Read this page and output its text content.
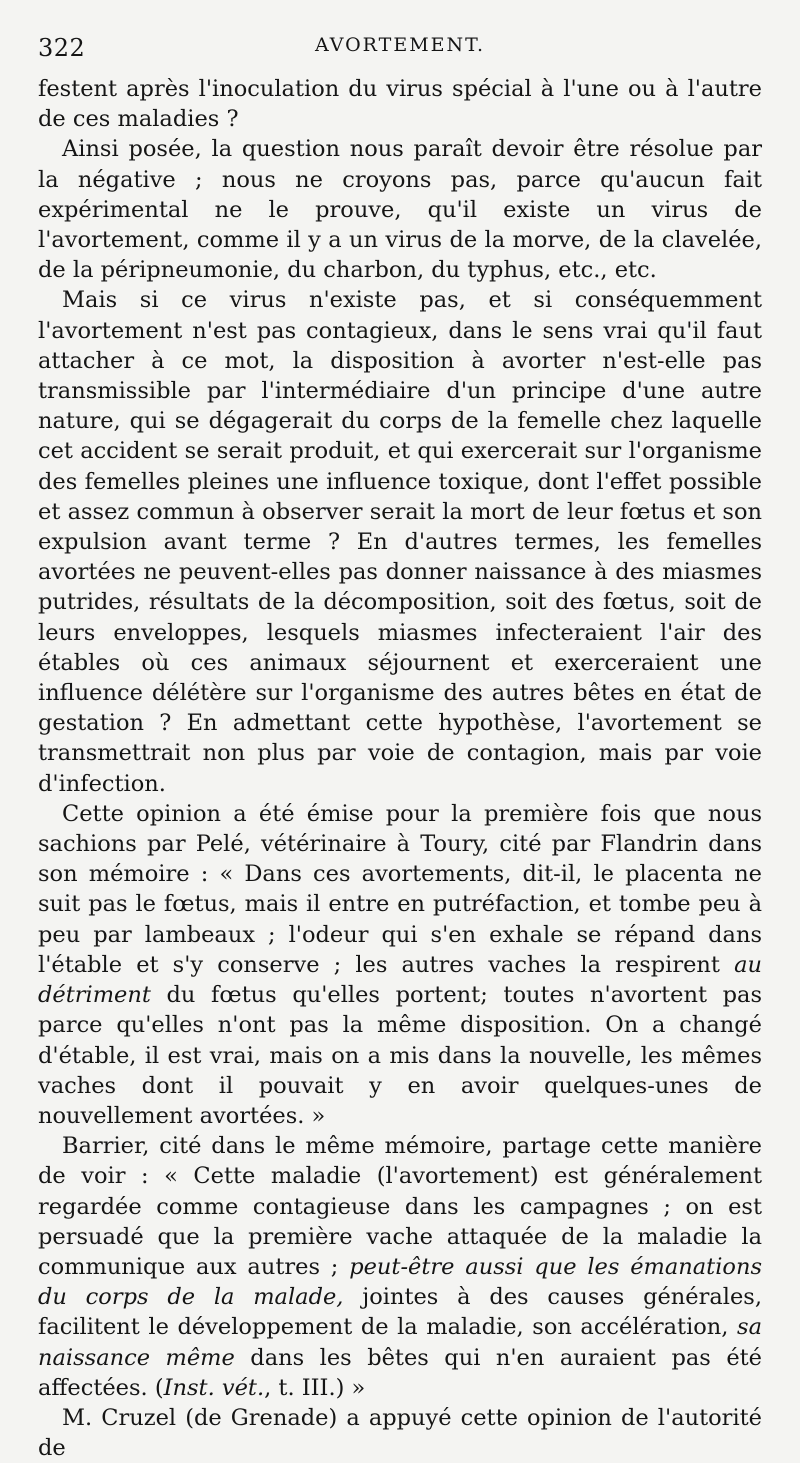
322	AVORTEMENT.

festent après l'inoculation du virus spécial à l'une ou à l'autre de ces maladies ?

Ainsi posée, la question nous paraît devoir être résolue par la négative ; nous ne croyons pas, parce qu'aucun fait expérimental ne le prouve, qu'il existe un virus de l'avortement, comme il y a un virus de la morve, de la clavelée, de la péripneumonie, du charbon, du typhus, etc., etc.

Mais si ce virus n'existe pas, et si conséquemment l'avortement n'est pas contagieux, dans le sens vrai qu'il faut attacher à ce mot, la disposition à avorter n'est-elle pas transmissible par l'intermédiaire d'un principe d'une autre nature, qui se dégagerait du corps de la femelle chez laquelle cet accident se serait produit, et qui exercerait sur l'organisme des femelles pleines une influence toxique, dont l'effet possible et assez commun à observer serait la mort de leur fœtus et son expulsion avant terme ? En d'autres termes, les femelles avortées ne peuvent-elles pas donner naissance à des miasmes putrides, résultats de la décomposition, soit des fœtus, soit de leurs enveloppes, lesquels miasmes infecteraient l'air des étables où ces animaux séjournent et exerceraient une influence délétère sur l'organisme des autres bêtes en état de gestation ? En admettant cette hypothèse, l'avortement se transmettrait non plus par voie de contagion, mais par voie d'infection.

Cette opinion a été émise pour la première fois que nous sachions par Pelé, vétérinaire à Toury, cité par Flandrin dans son mémoire : « Dans ces avortements, dit-il, le placenta ne suit pas le fœtus, mais il entre en putréfaction, et tombe peu à peu par lambeaux ; l'odeur qui s'en exhale se répand dans l'étable et s'y conserve ; les autres vaches la respirent au détriment du fœtus qu'elles portent; toutes n'avortent pas parce qu'elles n'ont pas la même disposition. On a changé d'étable, il est vrai, mais on a mis dans la nouvelle, les mêmes vaches dont il pouvait y en avoir quelques-unes de nouvellement avortées. »

Barrier, cité dans le même mémoire, partage cette manière de voir : « Cette maladie (l'avortement) est généralement regardée comme contagieuse dans les campagnes ; on est persuadé que la première vache attaquée de la maladie la communique aux autres ; peut-être aussi que les émanations du corps de la malade, jointes à des causes générales, facilitent le développement de la maladie, son accélération, sa naissance même dans les bêtes qui n'en auraient pas été affectées. (Inst. vét., t. III.) »

M. Cruzel (de Grenade) a appuyé cette opinion de l'autorité de
